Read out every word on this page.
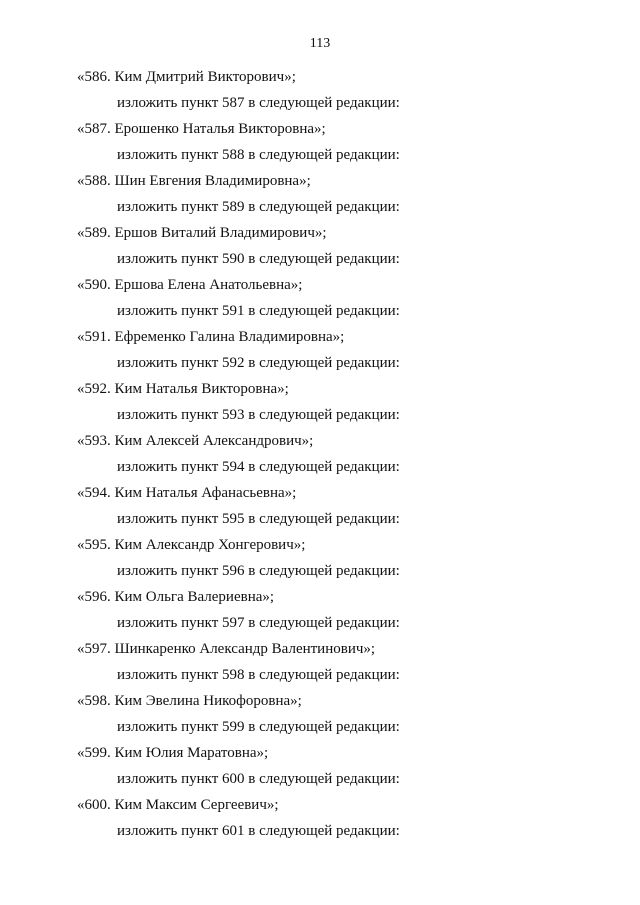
113
«586. Ким Дмитрий Викторович»;
изложить пункт 587 в следующей редакции:
«587. Ерошенко Наталья Викторовна»;
изложить пункт 588 в следующей редакции:
«588. Шин Евгения Владимировна»;
изложить пункт 589 в следующей редакции:
«589. Ершов Виталий Владимирович»;
изложить пункт 590 в следующей редакции:
«590. Ершова Елена Анатольевна»;
изложить пункт 591 в следующей редакции:
«591. Ефременко Галина Владимировна»;
изложить пункт 592 в следующей редакции:
«592. Ким Наталья Викторовна»;
изложить пункт 593 в следующей редакции:
«593. Ким Алексей Александрович»;
изложить пункт 594 в следующей редакции:
«594. Ким Наталья Афанасьевна»;
изложить пункт 595 в следующей редакции:
«595. Ким Александр Хонгерович»;
изложить пункт 596 в следующей редакции:
«596. Ким Ольга Валериевна»;
изложить пункт 597 в следующей редакции:
«597. Шинкаренко Александр Валентинович»;
изложить пункт 598 в следующей редакции:
«598. Ким Эвелина Никофоровна»;
изложить пункт 599 в следующей редакции:
«599. Ким Юлия Маратовна»;
изложить пункт 600 в следующей редакции:
«600. Ким Максим Сергеевич»;
изложить пункт 601 в следующей редакции:
